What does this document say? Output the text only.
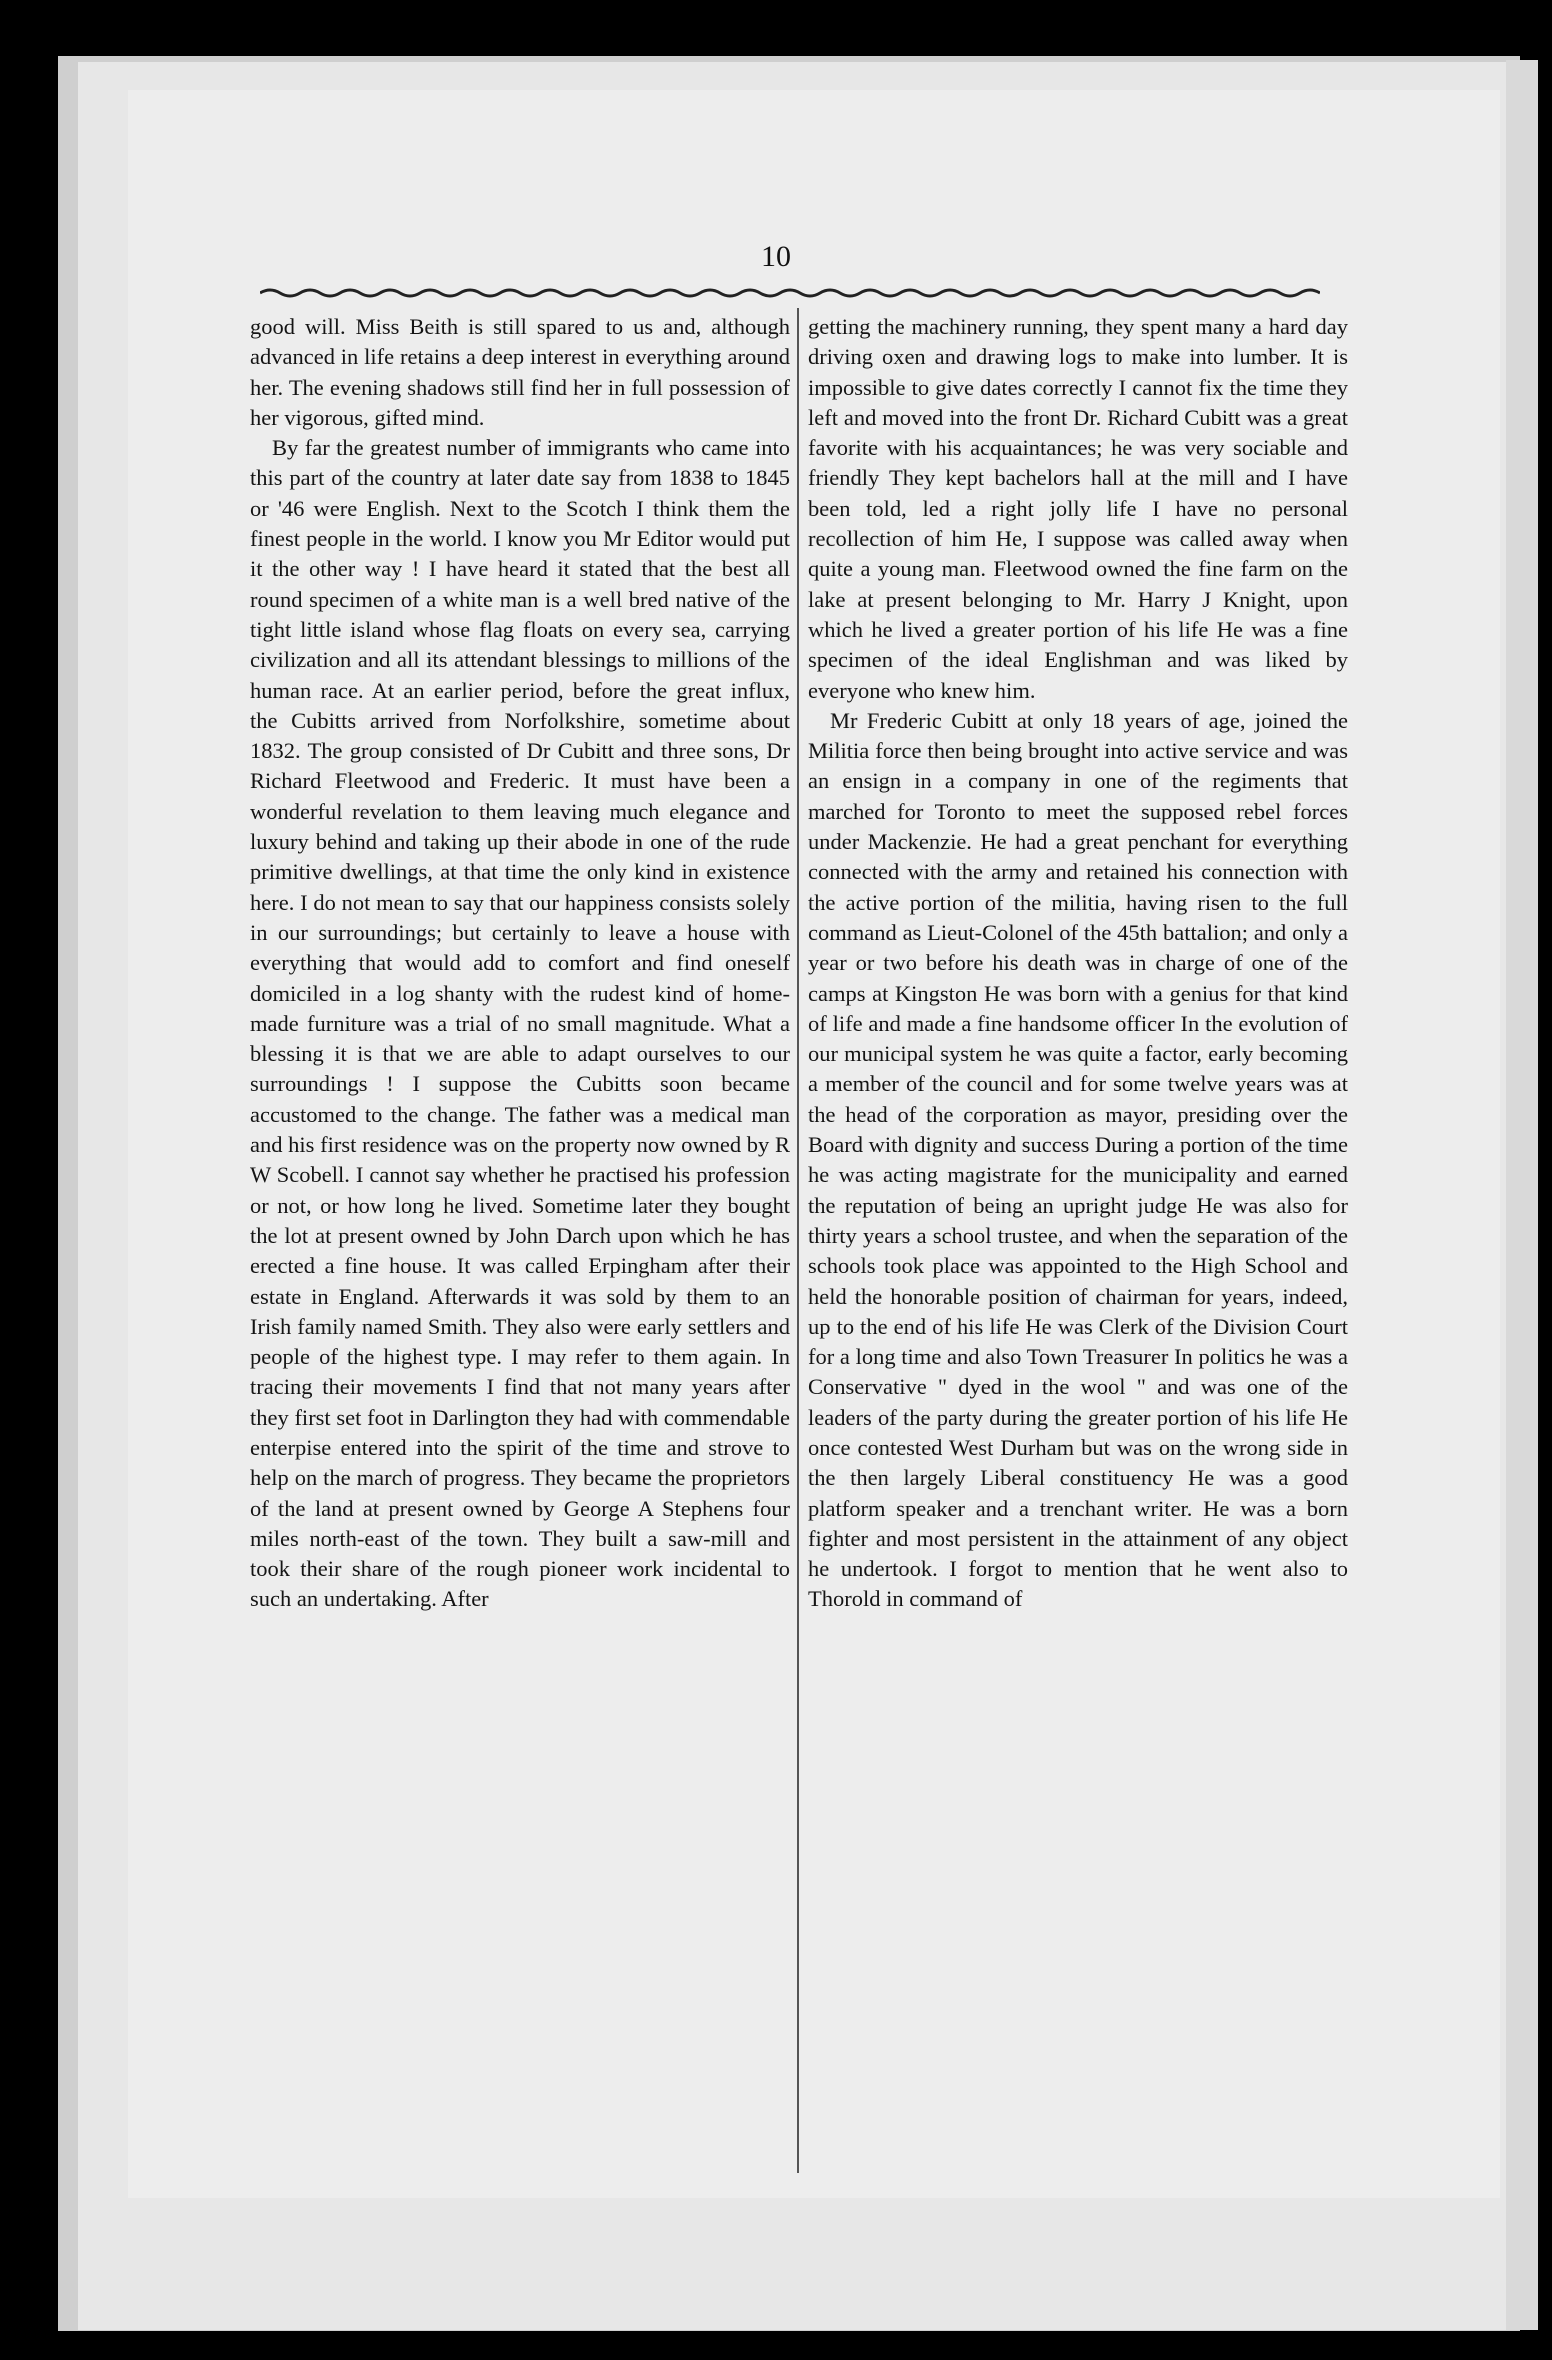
10

good will. Miss Beith is still spared to us and, although advanced in life retains a deep interest in everything around her. The evening shadows still find her in full possession of her vigorous, gifted mind.

By far the greatest number of immigrants who came into this part of the country at later date say from 1838 to 1845 or '46 were English. Next to the Scotch I think them the finest people in the world. I know you Mr Editor would put it the other way ! I have heard it stated that the best all round specimen of a white man is a well bred native of the tight little island whose flag floats on every sea, carrying civilization and all its attendant blessings to millions of the human race. At an earlier period, before the great influx, the Cubitts arrived from Norfolkshire, sometime about 1832. The group consisted of Dr Cubitt and three sons, Dr Richard Fleetwood and Frederic. It must have been a wonderful revelation to them leaving much elegance and luxury behind and taking up their abode in one of the rude primitive dwellings, at that time the only kind in existence here. I do not mean to say that our happiness consists solely in our surroundings; but certainly to leave a house with everything that would add to comfort and find oneself domiciled in a log shanty with the rudest kind of home-made furniture was a trial of no small magnitude. What a blessing it is that we are able to adapt ourselves to our surroundings ! I suppose the Cubitts soon became accustomed to the change. The father was a medical man and his first residence was on the property now owned by R W Scobell. I cannot say whether he practised his profession or not, or how long he lived. Sometime later they bought the lot at present owned by John Darch upon which he has erected a fine house. It was called Erpingham after their estate in England. Afterwards it was sold by them to an Irish family named Smith. They also were early settlers and people of the highest type. I may refer to them again. In tracing their movements I find that not many years after they first set foot in Darlington they had with commendable enterpise entered into the spirit of the time and strove to help on the march of progress. They became the proprietors of the land at present owned by George A Stephens four miles north-east of the town. They built a saw-mill and took their share of the rough pioneer work incidental to such an undertaking. After

getting the machinery running, they spent many a hard day driving oxen and drawing logs to make into lumber. It is impossible to give dates correctly I cannot fix the time they left and moved into the front Dr. Richard Cubitt was a great favorite with his acquaintances; he was very sociable and friendly They kept bachelors hall at the mill and I have been told, led a right jolly life I have no personal recollection of him He, I suppose was called away when quite a young man. Fleetwood owned the fine farm on the lake at present belonging to Mr. Harry J Knight, upon which he lived a greater portion of his life He was a fine specimen of the ideal Englishman and was liked by everyone who knew him.

Mr Frederic Cubitt at only 18 years of age, joined the Militia force then being brought into active service and was an ensign in a company in one of the regiments that marched for Toronto to meet the supposed rebel forces under Mackenzie. He had a great penchant for everything connected with the army and retained his connection with the active portion of the militia, having risen to the full command as Lieut-Colonel of the 45th battalion; and only a year or two before his death was in charge of one of the camps at Kingston He was born with a genius for that kind of life and made a fine handsome officer In the evolution of our municipal system he was quite a factor, early becoming a member of the council and for some twelve years was at the head of the corporation as mayor, presiding over the Board with dignity and success During a portion of the time he was acting magistrate for the municipality and earned the reputation of being an upright judge He was also for thirty years a school trustee, and when the separation of the schools took place was appointed to the High School and held the honorable position of chairman for years, indeed, up to the end of his life He was Clerk of the Division Court for a long time and also Town Treasurer In politics he was a Conservative " dyed in the wool " and was one of the leaders of the party during the greater portion of his life He once contested West Durham but was on the wrong side in the then largely Liberal constituency He was a good platform speaker and a trenchant writer. He was a born fighter and most persistent in the attainment of any object he undertook. I forgot to mention that he went also to Thorold in command of
